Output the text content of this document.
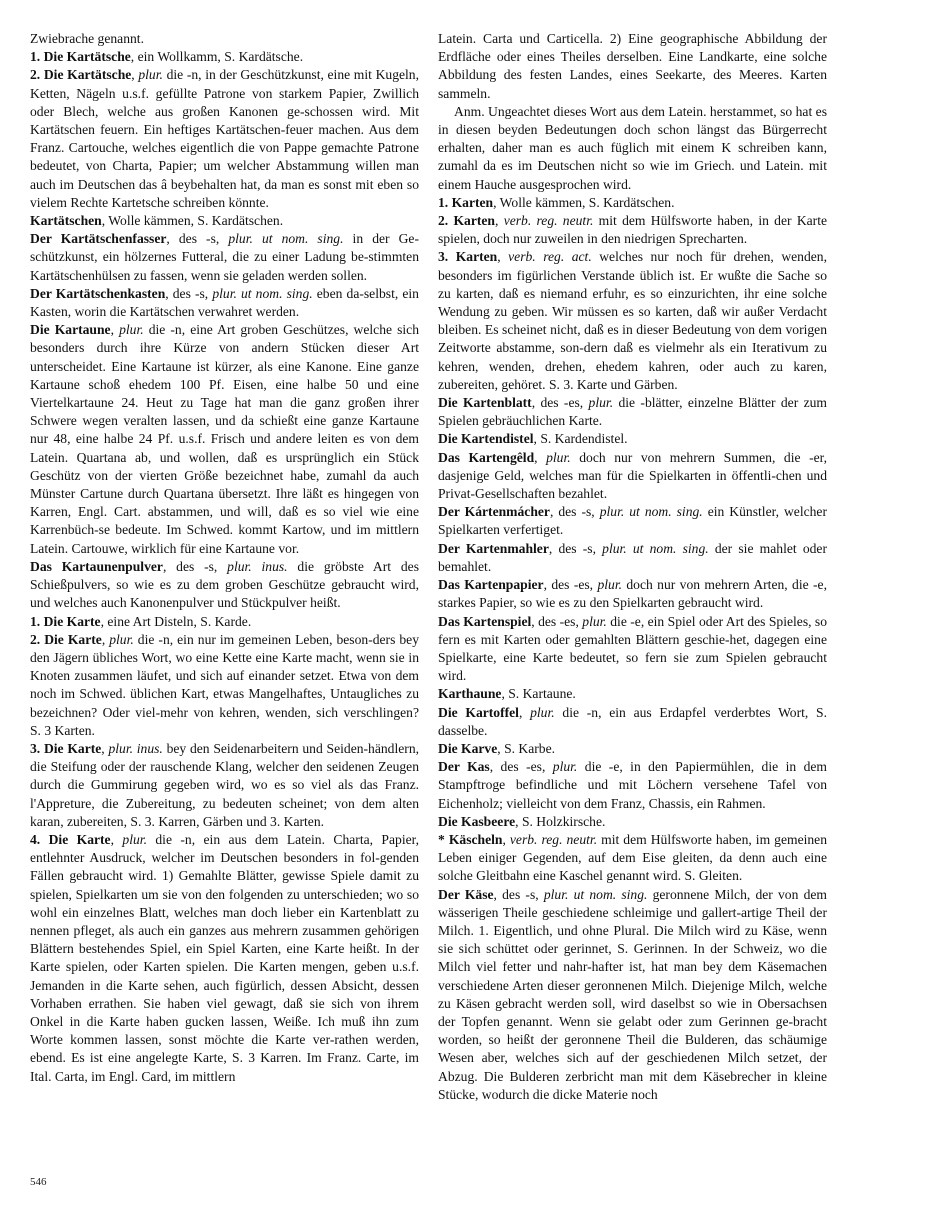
Zwiebrache genannt.

1. Die Kartätsche, ein Wollkamm, S. Kardätsche.

2. Die Kartätsche, plur. die -n, in der Geschützkunst, eine mit Kugeln, Ketten, Nägeln u.s.f. gefüllte Patrone von starkem Papier, Zwillich oder Blech, welche aus großen Kanonen ge-schossen wird. Mit Kartätschen feuern. Ein heftiges Kartätschen-feuer machen. Aus dem Franz. Cartouche, welches eigentlich die von Pappe gemachte Patrone bedeutet, von Charta, Papier; um welcher Abstammung willen man auch im Deutschen das â beybehalten hat, da man es sonst mit eben so vielem Rechte Kartetsche schreiben könnte.

Kartätschen, Wolle kämmen, S. Kardätschen.

Der Kartätschenfasser, des -s, plur. ut nom. sing. in der Ge-schützkunst, ein hölzernes Futteral, die zu einer Ladung be-stimmten Kartätschenhülsen zu fassen, wenn sie geladen werden sollen.

Der Kartätschenkasten, des -s, plur. ut nom. sing. eben da-selbst, ein Kasten, worin die Kartätschen verwahret werden.

Die Kartaune, plur. die -n, eine Art groben Geschützes, welche sich besonders durch ihre Kürze von andern Stücken dieser Art unterscheidet. Eine Kartaune ist kürzer, als eine Kanone. Eine ganze Kartaune schoß ehedem 100 Pf. Eisen, eine halbe 50 und eine Viertelkartaune 24. Heut zu Tage hat man die ganz großen ihrer Schwere wegen veralten lassen, und da schießt eine ganze Kartaune nur 48, eine halbe 24 Pf. u.s.f. Frisch und andere leiten es von dem Latein. Quartana ab, und wollen, daß es ursprünglich ein Stück Geschütz von der vierten Größe bezeichnet habe, zumahl da auch Münster Cartune durch Quartana übersetzt. Ihre läßt es hingegen von Karren, Engl. Cart. abstammen, und will, daß es so viel wie eine Karrenbüch-se bedeute. Im Schwed. kommt Kartow, und im mittlern Latein. Cartouwe, wirklich für eine Kartaune vor.

Das Kartaunenpulver, des -s, plur. inus. die gröbste Art des Schießpulvers, so wie es zu dem groben Geschütze gebraucht wird, und welches auch Kanonenpulver und Stückpulver heißt.

1. Die Karte, eine Art Disteln, S. Karde.

2. Die Karte, plur. die -n, ein nur im gemeinen Leben, beson-ders bey den Jägern übliches Wort, wo eine Kette eine Karte macht, wenn sie in Knoten zusammen läufet, und sich auf einander setzet. Etwa von dem noch im Schwed. üblichen Kart, etwas Mangelhaftes, Untaugliches zu bezeichnen? Oder viel-mehr von kehren, wenden, sich verschlingen? S. 3 Karten.

3. Die Karte, plur. inus. bey den Seidenarbeitern und Seiden-händlern, die Steifung oder der rauschende Klang, welcher den seidenen Zeugen durch die Gummirung gegeben wird, wo es so viel als das Franz. l'Appreture, die Zubereitung, zu bedeuten scheinet; von dem alten karan, zubereiten, S. 3. Karren, Gärben und 3. Karten.

4. Die Karte, plur. die -n, ein aus dem Latein. Charta, Papier, entlehnter Ausdruck, welcher im Deutschen besonders in fol-genden Fällen gebraucht wird. 1) Gemahlte Blätter, gewisse Spiele damit zu spielen, Spielkarten um sie von den folgenden zu unterschieden; wo so wohl ein einzelnes Blatt, welches man doch lieber ein Kartenblatt zu nennen pfleget, als auch ein ganzes aus mehrern zusammen gehörigen Blättern bestehendes Spiel, ein Spiel Karten, eine Karte heißt. In der Karte spielen, oder Karten spielen. Die Karten mengen, geben u.s.f. Jemanden in die Karte sehen, auch figürlich, dessen Absicht, dessen Vorhaben errathen. Sie haben viel gewagt, daß sie sich von ihrem Onkel in die Karte haben gucken lassen, Weiße. Ich muß ihn zum Worte kommen lassen, sonst möchte die Karte ver-rathen werden, ebend. Es ist eine angelegte Karte, S. 3 Karren. Im Franz. Carte, im Ital. Carta, im Engl. Card, im mittlern

Latein. Carta und Carticella. 2) Eine geographische Abbildung der Erdfläche oder eines Theiles derselben. Eine Landkarte, eine solche Abbildung des festen Landes, eines Seekarte, des Meeres. Karten sammeln.

Anm. Ungeachtet dieses Wort aus dem Latein. herstammet, so hat es in diesen beyden Bedeutungen doch schon längst das Bürgerrecht erhalten, daher man es auch füglich mit einem K schreiben kann, zumahl da es im Deutschen nicht so wie im Griech. und Latein. mit einem Hauche ausgesprochen wird.

1. Karten, Wolle kämmen, S. Kardätschen.

2. Karten, verb. reg. neutr. mit dem Hülfsworte haben, in der Karte spielen, doch nur zuweilen in den niedrigen Sprecharten.

3. Karten, verb. reg. act. welches nur noch für drehen, wenden, besonders im figürlichen Verstande üblich ist. Er wußte die Sache so zu karten, daß es niemand erfuhr, es so einzurichten, ihr eine solche Wendung zu geben. Wir müssen es so karten, daß wir außer Verdacht bleiben. Es scheinet nicht, daß es in dieser Bedeutung von dem vorigen Zeitworte abstamme, son-dern daß es vielmehr als ein Iterativum zu kehren, wenden, drehen, ehedem kahren, oder auch zu karen, zubereiten, gehöret. S. 3. Karte und Gärben.

Die Kartenblatt, des -es, plur. die -blätter, einzelne Blätter der zum Spielen gebräuchlichen Karte.

Die Kartendistel, S. Kardendistel.

Das Kartengêld, plur. doch nur von mehrern Summen, die -er, dasjenige Geld, welches man für die Spielkarten in öffentli-chen und Privat-Gesellschaften bezahlet.

Der Kártenmácher, des -s, plur. ut nom. sing. ein Künstler, welcher Spielkarten verfertiget.

Der Kartenmahler, des -s, plur. ut nom. sing. der sie mahlet oder bemahlet.

Das Kartenpapier, des -es, plur. doch nur von mehrern Arten, die -e, starkes Papier, so wie es zu den Spielkarten gebraucht wird.

Das Kartenspiel, des -es, plur. die -e, ein Spiel oder Art des Spieles, so fern es mit Karten oder gemahlten Blättern geschie-het, dagegen eine Spielkarte, eine Karte bedeutet, so fern sie zum Spielen gebraucht wird.

Karthaune, S. Kartaune.

Die Kartoffel, plur. die -n, ein aus Erdapfel verderbtes Wort, S. dasselbe.

Die Karve, S. Karbe.

Der Kas, des -es, plur. die -e, in den Papiermühlen, die in dem Stampftroge befindliche und mit Löchern versehene Tafel von Eichenholz; vielleicht von dem Franz, Chassis, ein Rahmen.

Die Kasbeere, S. Holzkirsche.

* Käscheln, verb. reg. neutr. mit dem Hülfsworte haben, im gemeinen Leben einiger Gegenden, auf dem Eise gleiten, da denn auch eine solche Gleitbahn eine Kaschel genannt wird. S. Gleiten.

Der Käse, des -s, plur. ut nom. sing. geronnene Milch, der von dem wässerigen Theile geschiedene schleimige und gallert-artige Theil der Milch. 1. Eigentlich, und ohne Plural. Die Milch wird zu Käse, wenn sie sich schüttet oder gerinnet, S. Gerinnen. In der Schweiz, wo die Milch viel fetter und nahr-hafter ist, hat man bey dem Käsemachen verschiedene Arten dieser geronnenen Milch. Diejenige Milch, welche zu Käsen gebracht werden soll, wird daselbst so wie in Obersachsen der Topfen genannt. Wenn sie gelabt oder zum Gerinnen ge-bracht worden, so heißt der geronnene Theil die Bulderen, das schäumige Wesen aber, welches sich auf der geschiedenen Milch setzet, der Abzug. Die Bulderen zerbricht man mit dem Käsebrecher in kleine Stücke, wodurch die dicke Materie noch

546
